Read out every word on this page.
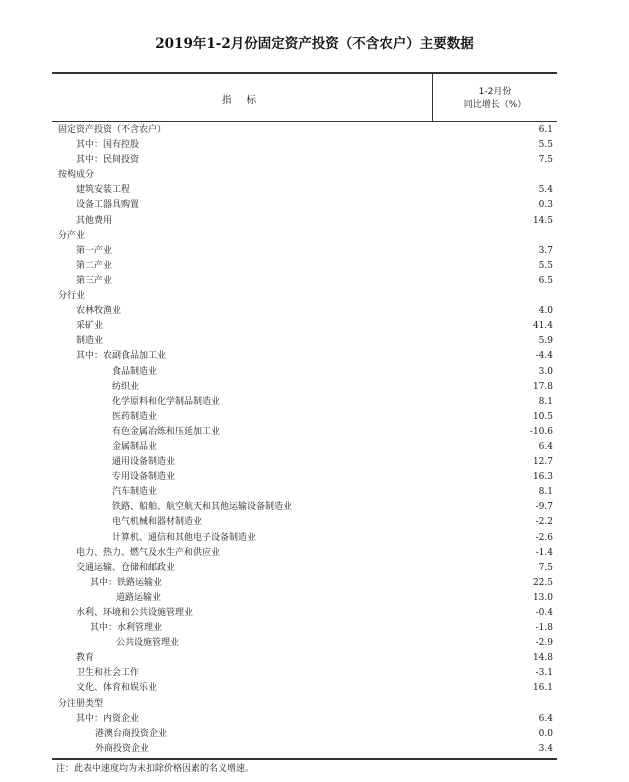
2019年1-2月份固定资产投资（不含农户）主要数据
指 标
1-2月份
同比增长（%）
固定资产投资（不含农户）	6.1
其中：国有控股	5.5
其中：民间投资	7.5
按构成分
建筑安装工程	5.4
设备工器具购置	0.3
其他费用	14.5
分产业
第一产业	3.7
第二产业	5.5
第三产业	6.5
分行业
农林牧渔业	4.0
采矿业	41.4
制造业	5.9
其中：农副食品加工业	-4.4
食品制造业	3.0
纺织业	17.8
化学原料和化学制品制造业	8.1
医药制造业	10.5
有色金属冶炼和压延加工业	-10.6
金属制品业	6.4
通用设备制造业	12.7
专用设备制造业	16.3
汽车制造业	8.1
铁路、船舶、航空航天和其他运输设备制造业	-9.7
电气机械和器材制造业	-2.2
计算机、通信和其他电子设备制造业	-2.6
电力、热力、燃气及水生产和供应业	-1.4
交通运输、仓储和邮政业	7.5
其中：铁路运输业	22.5
道路运输业	13.0
水利、环境和公共设施管理业	-0.4
其中：水利管理业	-1.8
公共设施管理业	-2.9
教育	14.8
卫生和社会工作	-3.1
文化、体育和娱乐业	16.1
分注册类型
其中：内资企业	6.4
港澳台商投资企业	0.0
外商投资企业	3.4
注：此表中速度均为未扣除价格因素的名义增速。
